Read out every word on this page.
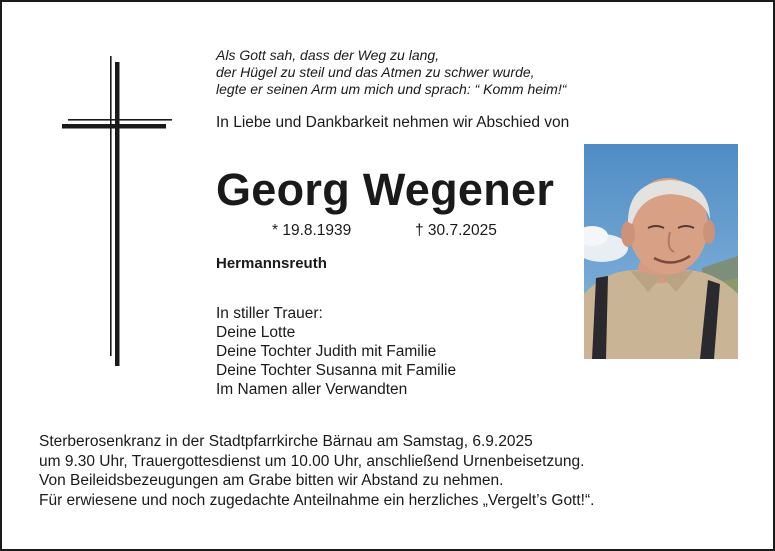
Als Gott sah, dass der Weg zu lang,
der Hügel zu steil und das Atmen zu schwer wurde,
legte er seinen Arm um mich und sprach: “ Komm heim!“
In Liebe und Dankbarkeit nehmen wir Abschied von
Georg Wegener
* 19.8.1939	† 30.7.2025
Hermannsreuth
In stiller Trauer:
Deine Lotte
Deine Tochter Judith mit Familie
Deine Tochter Susanna mit Familie
Im Namen aller Verwandten
Sterberosenkranz in der Stadtpfarrkirche Bärnau am Samstag, 6.9.2025
um 9.30 Uhr, Trauergottesdienst um 10.00 Uhr, anschließend Urnenbeisetzung.
Von Beileidsbezeugungen am Grabe bitten wir Abstand zu nehmen.
Für erwiesene und noch zugedachte Anteilnahme ein herzliches „Vergelt’s Gott!“.
